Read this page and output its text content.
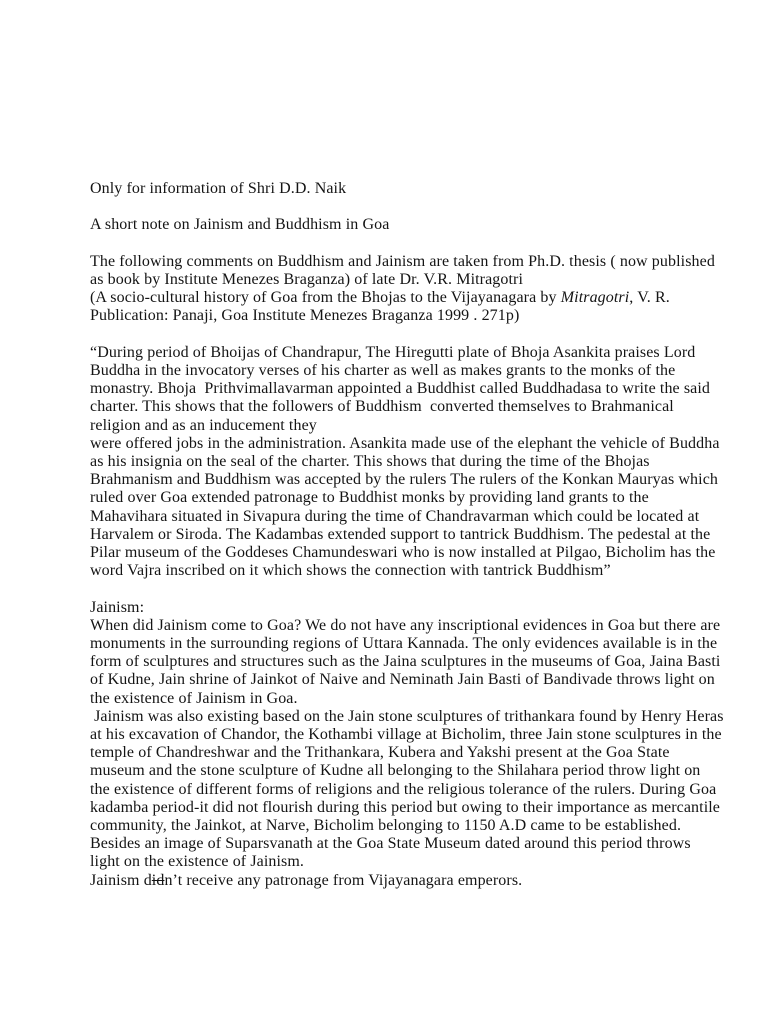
Only for information of Shri D.D. Naik
A short note on Jainism and Buddhism in Goa
The following comments on Buddhism and Jainism are taken from Ph.D. thesis ( now published
as book by Institute Menezes Braganza) of late Dr. V.R. Mitragotri
(A socio-cultural history of Goa from the Bhojas to the Vijayanagara by Mitragotri, V. R.
Publication: Panaji, Goa Institute Menezes Braganza 1999 . 271p)
“During period of Bhoijas of Chandrapur, The Hiregutti plate of Bhoja Asankita praises Lord
Buddha in the invocatory verses of his charter as well as makes grants to the monks of the
monastry. Bhoja  Prithvimallavarman appointed a Buddhist called Buddhadasa to write the said
charter. This shows that the followers of Buddhism  converted themselves to Brahmanical
religion and as an inducement they
were offered jobs in the administration. Asankita made use of the elephant the vehicle of Buddha
as his insignia on the seal of the charter. This shows that during the time of the Bhojas
Brahmanism and Buddhism was accepted by the rulers The rulers of the Konkan Mauryas which
ruled over Goa extended patronage to Buddhist monks by providing land grants to the
Mahavihara situated in Sivapura during the time of Chandravarman which could be located at
Harvalem or Siroda. The Kadambas extended support to tantrick Buddhism. The pedestal at the
Pilar museum of the Goddeses Chamundeswari who is now installed at Pilgao, Bicholim has the
word Vajra inscribed on it which shows the connection with tantrick Buddhism”
Jainism:
When did Jainism come to Goa? We do not have any inscriptional evidences in Goa but there are
monuments in the surrounding regions of Uttara Kannada. The only evidences available is in the
form of sculptures and structures such as the Jaina sculptures in the museums of Goa, Jaina Basti
of Kudne, Jain shrine of Jainkot of Naive and Neminath Jain Basti of Bandivade throws light on
the existence of Jainism in Goa.
Jainism was also existing based on the Jain stone sculptures of trithankara found by Henry Heras
at his excavation of Chandor, the Kothambi village at Bicholim, three Jain stone sculptures in the
temple of Chandreshwar and the Trithankara, Kubera and Yakshi present at the Goa State
museum and the stone sculpture of Kudne all belonging to the Shilahara period throw light on
the existence of different forms of religions and the religious tolerance of the rulers. During Goa
kadamba period-it did not flourish during this period but owing to their importance as mercantile
community, the Jainkot, at Narve, Bicholim belonging to 1150 A.D came to be established.
Besides an image of Suparsvanath at the Goa State Museum dated around this period throws
light on the existence of Jainism.
Jainism didn’t receive any patronage from Vijayanagara emperors.
